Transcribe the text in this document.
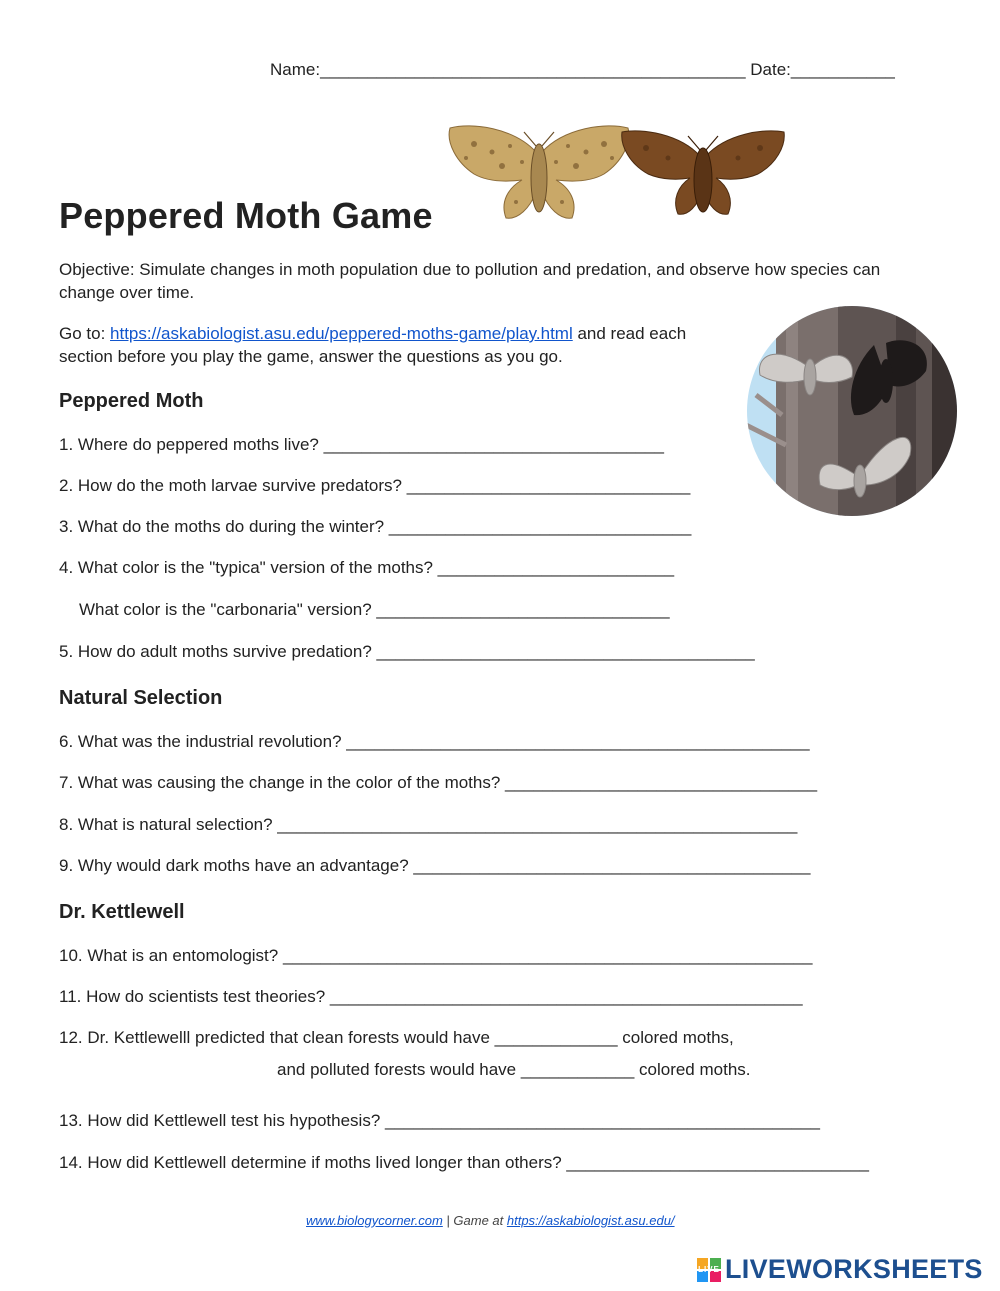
Name:_____________________________________________ Date:___________
Peppered Moth Game
Objective: Simulate changes in moth population due to pollution and predation, and observe how species can change over time.
Go to: https://askabiologist.asu.edu/peppered-moths-game/play.html and read each
section before you play the game, answer the questions as you go.
Peppered Moth
1. Where do peppered moths live? ____________________________________
2. How do the moth larvae survive predators? ______________________________
3. What do the moths do during the winter? ________________________________
4. What color is the "typica" version of the moths? _________________________
What color is the "carbonaria" version? _______________________________
5. How do adult moths survive predation? ________________________________________
Natural Selection
6. What was the industrial revolution? _________________________________________________
7. What was causing the change in the color of the moths? _________________________________
8. What is natural selection? _______________________________________________________
9. Why would dark moths have an advantage? __________________________________________
Dr. Kettlewell
10. What is an entomologist? ________________________________________________________
11. How do scientists test theories? __________________________________________________
12. Dr. Kettlewelll predicted that clean forests would have _____________ colored moths,
and polluted forests would have ____________ colored moths.
13. How did Kettlewell test his hypothesis? ______________________________________________
14. How did Kettlewell determine if moths lived longer than others? ________________________________
www.biologycorner.com | Game at https://askabiologist.asu.edu/
LIVE LIVEWORKSHEETS
